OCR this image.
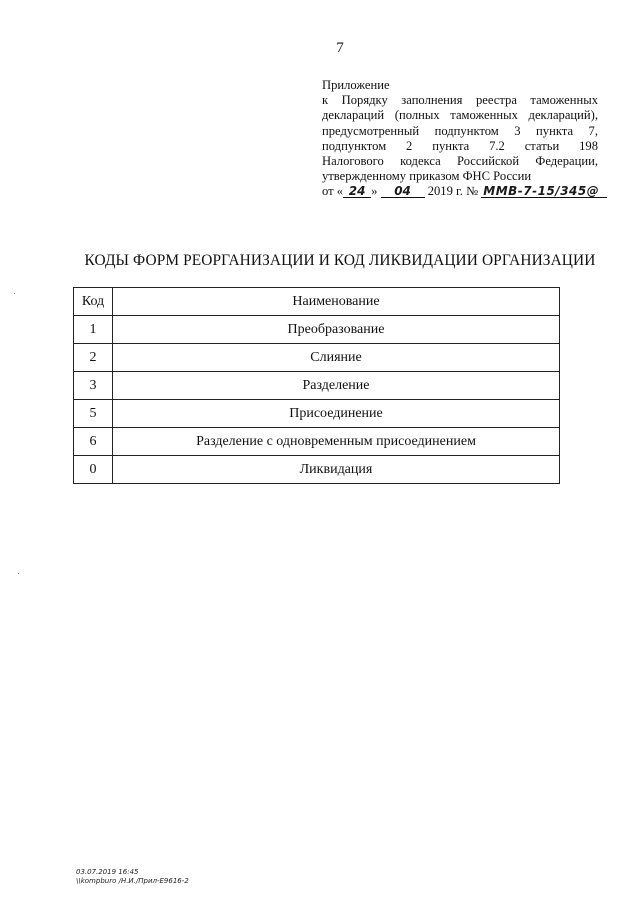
7
Приложение
к Порядку заполнения реестра таможенных
деклараций (полных таможенных деклараций),
предусмотренный подпунктом 3 пункта 7,
подпунктом 2 пункта 7.2 статьи 198
Налогового кодекса Российской Федерации,
утвержденному приказом ФНС России
от « 24 » 04 2019 г. № ММВ-7-15/345@
КОДЫ ФОРМ РЕОРГАНИЗАЦИИ И КОД ЛИКВИДАЦИИ ОРГАНИЗАЦИИ
Код	Наименование
1	Преобразование
2	Слияние
3	Разделение
5	Присоединение
6	Разделение с одновременным присоединением
0	Ликвидация
03.07.2019 16:45
\\kompburo /Н.И./Прил-Е9616-2
